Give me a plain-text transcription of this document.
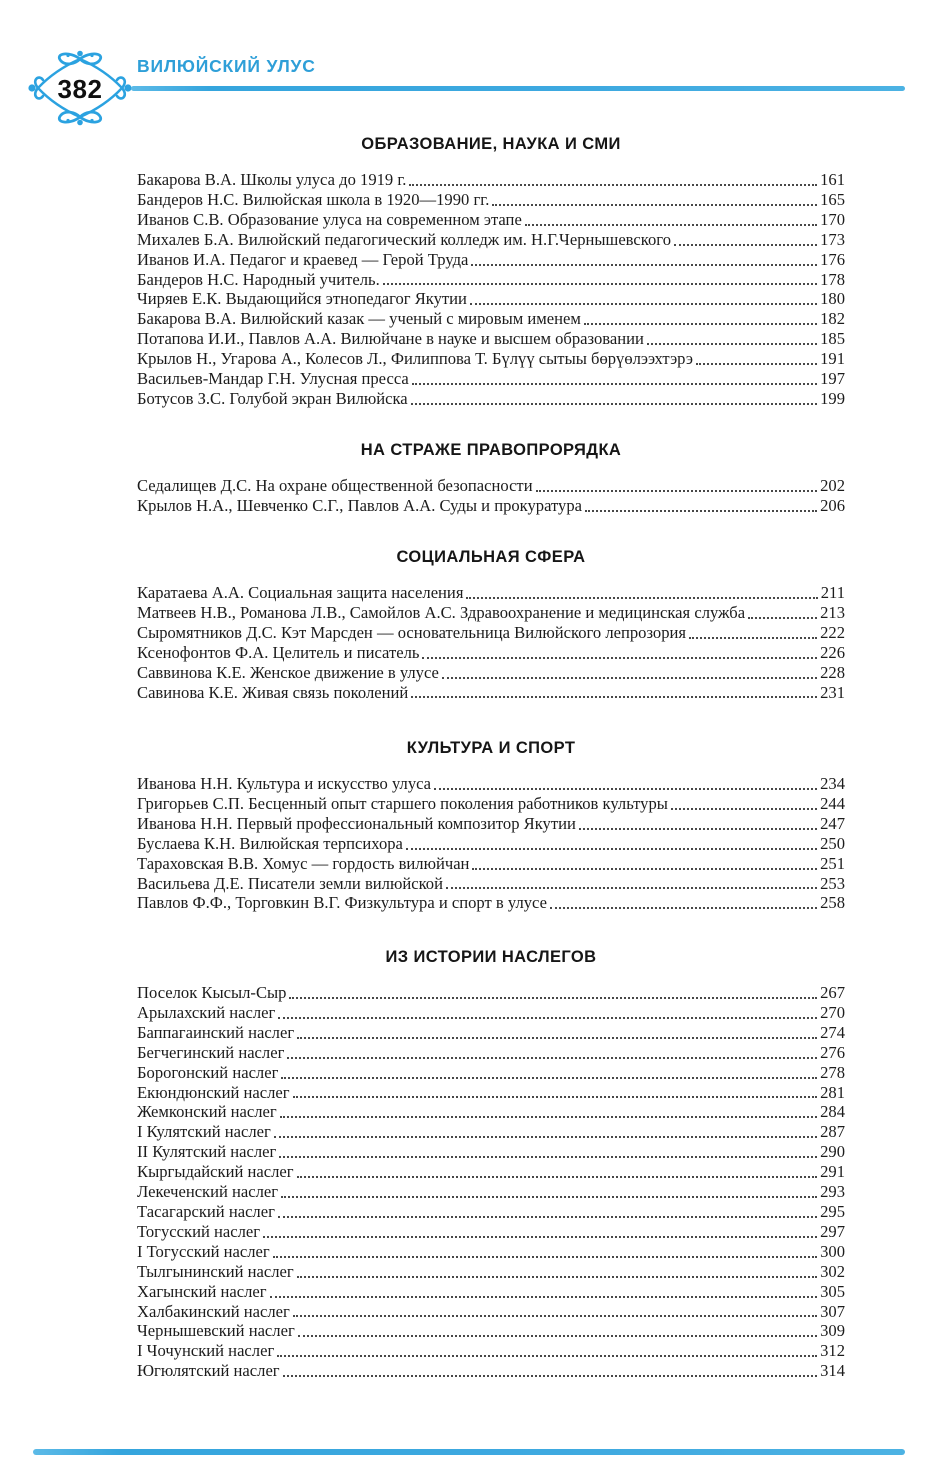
382
ВИЛЮЙСКИЙ УЛУС
ОБРАЗОВАНИЕ, НАУКА И СМИ
Бакарова В.А. Школы улуса до 1919 г.	161
Бандеров Н.С. Вилюйская школа в 1920—1990 гг.	165
Иванов С.В. Образование улуса на современном этапе	170
Михалев Б.А. Вилюйский педагогический колледж им. Н.Г.Чернышевского	173
Иванов И.А. Педагог и краевед — Герой Труда	176
Бандеров Н.С. Народный учитель.	178
Чиряев Е.К. Выдающийся этнопедагог Якутии	180
Бакарова В.А. Вилюйский казак — ученый с мировым именем	182
Потапова И.И., Павлов А.А. Вилюйчане в науке и высшем образовании	185
Крылов Н., Угарова А., Колесов Л., Филиппова Т. Бүлүү сытыы бөрүөлээхтэрэ	191
Васильев-Мандар Г.Н. Улусная пресса	197
Ботусов З.С. Голубой экран Вилюйска	199
НА СТРАЖЕ ПРАВОПРОРЯДКА
Седалищев Д.С. На охране общественной безопасности	202
Крылов Н.А., Шевченко С.Г., Павлов А.А. Суды и прокуратура	206
СОЦИАЛЬНАЯ СФЕРА
Каратаева А.А. Социальная защита населения	211
Матвеев Н.В., Романова Л.В., Самойлов А.С. Здравоохранение и медицинская служба	213
Сыромятников Д.С. Кэт Марсден — основательница Вилюйского лепрозория	222
Ксенофонтов Ф.А. Целитель и писатель	226
Саввинова К.Е. Женское движение в улусе	228
Савинова К.Е. Живая связь поколений	231
КУЛЬТУРА И СПОРТ
Иванова Н.Н. Культура и искусство улуса	234
Григорьев С.П. Бесценный опыт старшего поколения работников культуры	244
Иванова Н.Н. Первый профессиональный композитор Якутии	247
Буслаева К.Н. Вилюйская терпсихора	250
Тараховская В.В. Хомус — гордость вилюйчан	251
Васильева Д.Е. Писатели земли вилюйской	253
Павлов Ф.Ф., Торговкин В.Г. Физкультура и спорт в улусе	258
ИЗ ИСТОРИИ НАСЛЕГОВ
Поселок Кысыл-Сыр	267
Арылахский наслег	270
Баппагаинский наслег	274
Бегчегинский наслег	276
Борогонский наслег	278
Екюндюнский наслег	281
Жемконский наслег	284
I Кулятский наслег	287
II Кулятский наслег	290
Кыргыдайский наслег	291
Лекеченский наслег	293
Тасагарский наслег	295
Тогусский наслег	297
I Тогусский наслег	300
Тылгынинский наслег	302
Хагынский наслег	305
Халбакинский наслег	307
Чернышевский наслег	309
I Чочунский наслег	312
Югюлятский наслег	314
